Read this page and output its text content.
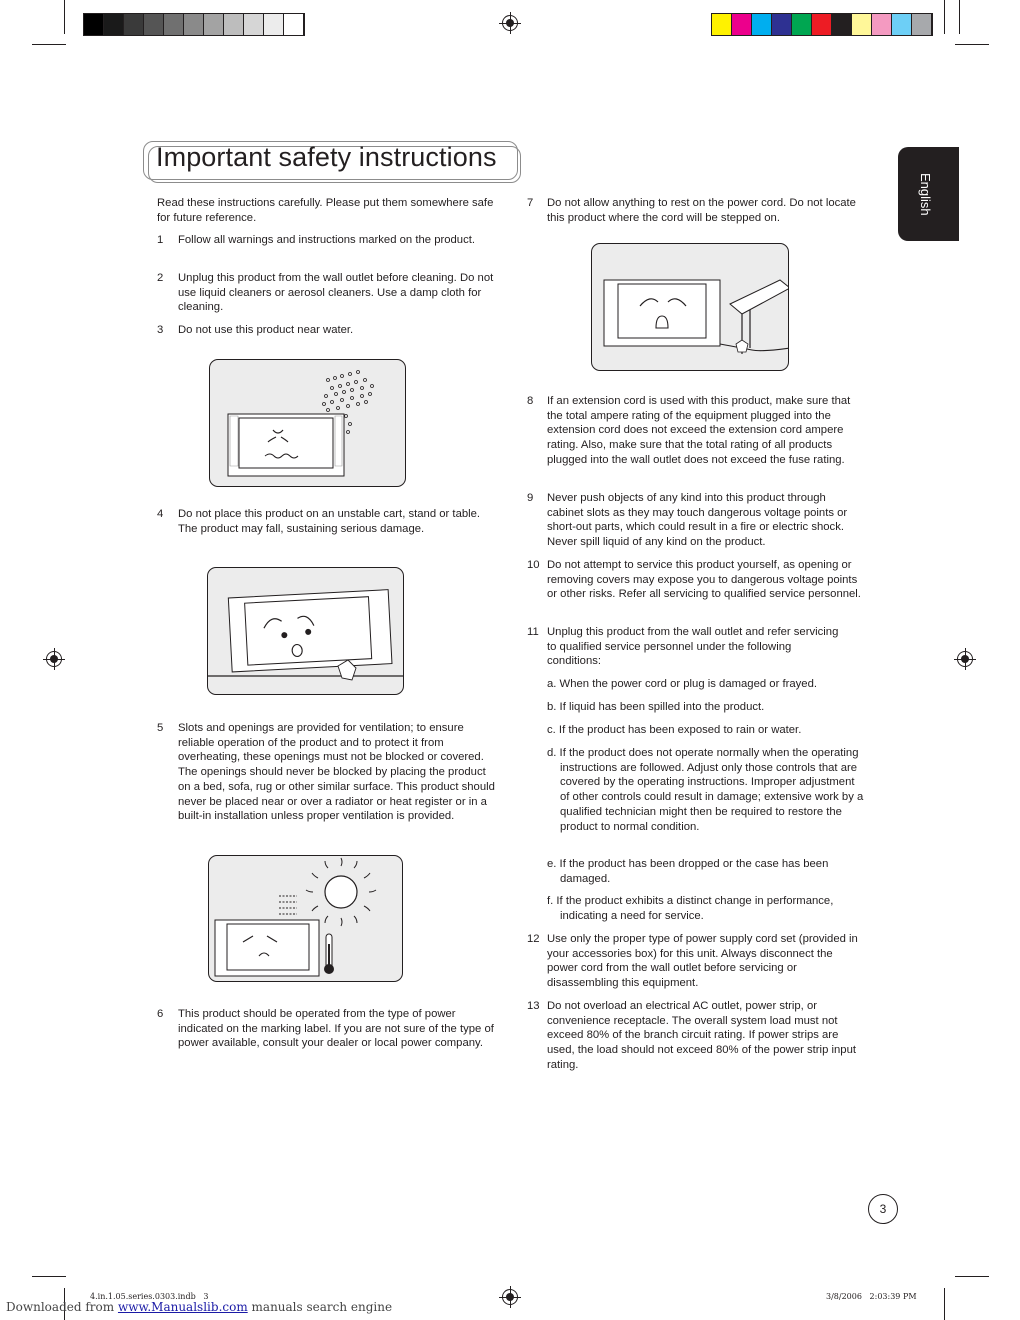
Important safety instructions
English
Read these instructions carefully. Please put them somewhere safe for future reference.
1 Follow all warnings and instructions marked on the product.
2 Unplug this product from the wall outlet before cleaning. Do not use liquid cleaners or aerosol cleaners. Use a damp cloth for cleaning.
3 Do not use this product near water.
4 Do not place this product on an unstable cart, stand or table. The product may fall, sustaining serious damage.
5 Slots and openings are provided for ventilation; to ensure reliable operation of the product and to protect it from overheating, these openings must not be blocked or covered. The openings should never be blocked by placing the product on a bed, sofa, rug or other similar surface. This product should never be placed near or over a radiator or heat register or in a built-in installation unless proper ventilation is provided.
6 This product should be operated from the type of power indicated on the marking label. If you are not sure of the type of power available, consult your dealer or local power company.
7 Do not allow anything to rest on the power cord. Do not locate this product where the cord will be stepped on.
8 If an extension cord is used with this product, make sure that the total ampere rating of the equipment plugged into the extension cord does not exceed the extension cord ampere rating. Also, make sure that the total rating of all products plugged into the wall outlet does not exceed the fuse rating.
9 Never push objects of any kind into this product through cabinet slots as they may touch dangerous voltage points or short-out parts, which could result in a fire or electric shock. Never spill liquid of any kind on the product.
10 Do not attempt to service this product yourself, as opening or removing covers may expose you to dangerous voltage points or other risks. Refer all servicing to qualified service personnel.
11 Unplug this product from the wall outlet and refer servicing to qualified service personnel under the following conditions:
a. When the power cord or plug is damaged or frayed.
b. If liquid has been spilled into the product.
c. If the product has been exposed to rain or water.
d. If the product does not operate normally when the operating instructions are followed. Adjust only those controls that are covered by the operating instructions. Improper adjustment of other controls could result in damage; extensive work by a qualified technician might then be required to restore the product to normal condition.
e. If the product has been dropped or the case has been damaged.
f. If the product exhibits a distinct change in performance, indicating a need for service.
12 Use only the proper type of power supply cord set (provided in your accessories box) for this unit. Always disconnect the power cord from the wall outlet before servicing or disassembling this equipment.
13 Do not overload an electrical AC outlet, power strip, or convenience receptacle. The overall system load must not exceed 80% of the branch circuit rating. If power strips are used, the load should not exceed 80% of the power strip input rating.
3
4.in.1.05.series.0303.indb   3	3/8/2006   2:03:39 PM
Downloaded from www.Manualslib.com manuals search engine
